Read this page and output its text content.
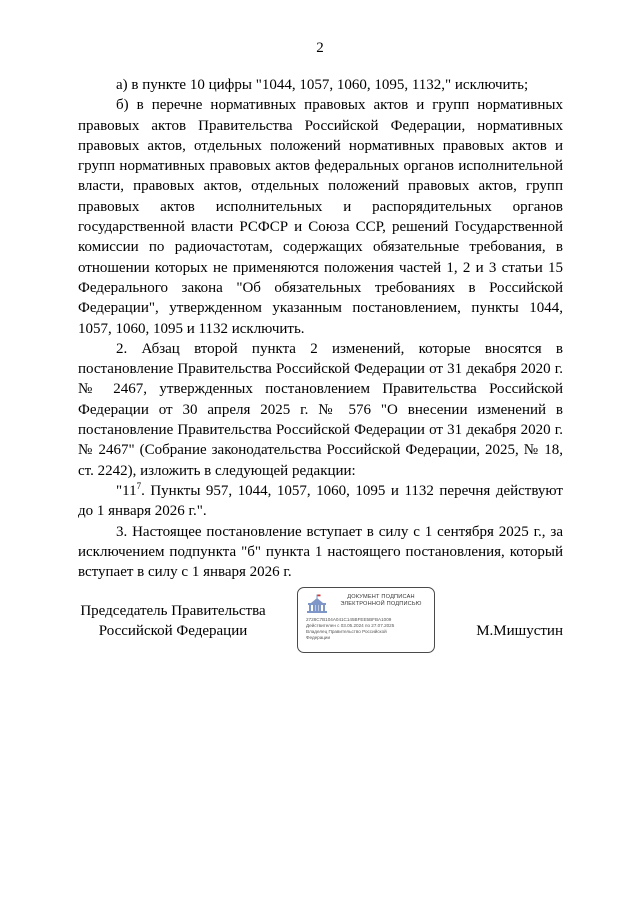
2

а) в пункте 10 цифры "1044, 1057, 1060, 1095, 1132," исключить;

б) в перечне нормативных правовых актов и групп нормативных правовых актов Правительства Российской Федерации, нормативных правовых актов, отдельных положений нормативных правовых актов и групп нормативных правовых актов федеральных органов исполнительной власти, правовых актов, отдельных положений правовых актов, групп правовых актов исполнительных и распорядительных органов государственной власти РСФСР и Союза ССР, решений Государственной комиссии по радиочастотам, содержащих обязательные требования, в отношении которых не применяются положения частей 1, 2 и 3 статьи 15 Федерального закона "Об обязательных требованиях в Российской Федерации", утвержденном указанным постановлением, пункты 1044, 1057, 1060, 1095 и 1132 исключить.

2. Абзац второй пункта 2 изменений, которые вносятся в постановление Правительства Российской Федерации от 31 декабря 2020 г. № 2467, утвержденных постановлением Правительства Российской Федерации от 30 апреля 2025 г. № 576 "О внесении изменений в постановление Правительства Российской Федерации от 31 декабря 2020 г. № 2467" (Собрание законодательства Российской Федерации, 2025, № 18, ст. 2242), изложить в следующей редакции:

"$11^7$. Пункты 957, 1044, 1057, 1060, 1095 и 1132 перечня действуют до 1 января 2026 г.".

3. Настоящее постановление вступает в силу с 1 сентября 2025 г., за исключением подпункта "б" пункта 1 настоящего постановления, который вступает в силу с 1 января 2026 г.

Председатель Правительства
Российской Федерации
ДОКУМЕНТ ПОДПИСАН
ЭЛЕКТРОННОЙ ПОДПИСЬЮ
2728C7B104A041C145BFEE5BFBA1009
Действителен с 03.05.2024 по 27.07.2025
Владелец Правительство Российской
Федерации	М.Мишустин
